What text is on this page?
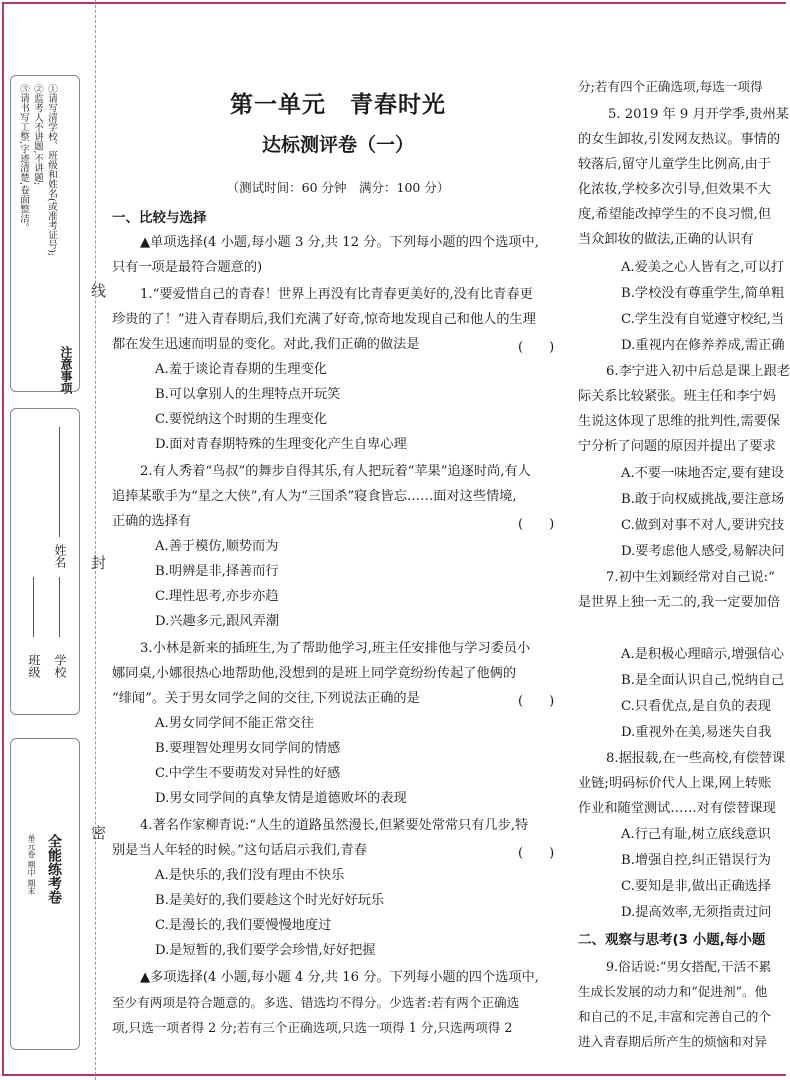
注意事项
①请写清学校、班级和姓名(或准考证号);
②监考人不讲题,不讲题;
③请书写工整,字迹清楚,卷面整洁。
姓名
学校
班级
单元卷 期中 期末 全能练考卷
线
封
密
第一单元　青春时光
达标测评卷（一）
（测试时间：60 分钟　满分：100 分）
一、比较与选择
▲单项选择(4 小题,每小题 3 分,共 12 分。下列每小题的四个选项中,
只有一项是最符合题意的)
1.“要爱惜自己的青春！世界上再没有比青春更美好的,没有比青春更
珍贵的了！”进入青春期后,我们充满了好奇,惊奇地发现自己和他人的生理
都在发生迅速而明显的变化。对此,我们正确的做法是	(　　)
A.羞于谈论青春期的生理变化
B.可以拿别人的生理特点开玩笑
C.要悦纳这个时期的生理变化
D.面对青春期特殊的生理变化产生自卑心理
2.有人秀着“鸟叔”的舞步自得其乐,有人把玩着“苹果”追逐时尚,有人
追捧某歌手为“星之大侠”,有人为“三国杀”寝食皆忘……面对这些情境,
正确的选择有	(　　)
A.善于模仿,顺势而为
B.明辨是非,择善而行
C.理性思考,亦步亦趋
D.兴趣多元,跟风弄潮
3.小林是新来的插班生,为了帮助他学习,班主任安排他与学习委员小
娜同桌,小娜很热心地帮助他,没想到的是班上同学竟纷纷传起了他俩的
“绯闻”。关于男女同学之间的交往,下列说法正确的是	(　　)
A.男女同学间不能正常交往
B.要理智处理男女同学间的情感
C.中学生不要萌发对异性的好感
D.男女同学间的真挚友情是道德败坏的表现
4.著名作家柳青说:“人生的道路虽然漫长,但紧要处常常只有几步,特
别是当人年轻的时候。”这句话启示我们,青春	(　　)
A.是快乐的,我们没有理由不快乐
B.是美好的,我们要趁这个时光好好玩乐
C.是漫长的,我们要慢慢地度过
D.是短暂的,我们要学会珍惜,好好把握
▲多项选择(4 小题,每小题 4 分,共 16 分。下列每小题的四个选项中,
至少有两项是符合题意的。多选、错选均不得分。少选者:若有两个正确选
项,只选一项者得 2 分;若有三个正确选项,只选一项得 1 分,只选两项得 2
分;若有四个正确选项,每选一项得
5. 2019 年 9 月开学季,贵州某
的女生卸妆,引发网友热议。事情的
较落后,留守儿童学生比例高,由于
化浓妆,学校多次引导,但效果不大
度,希望能改掉学生的不良习惯,但
当众卸妆的做法,正确的认识有
A.爱美之心人皆有之,可以打
B.学校没有尊重学生,简单粗
C.学生没有自觉遵守校纪,当
D.重视内在修养养成,需正确
6.李宁进入初中后总是课上跟老
际关系比较紧张。班主任和李宁妈
生说这体现了思维的批判性,需要保
宁分析了问题的原因并提出了要求
A.不要一味地否定,要有建设
B.敢于向权威挑战,要注意场
C.做到对事不对人,要讲究技
D.要考虑他人感受,易解决问
7.初中生刘颖经常对自己说:“
是世界上独一无二的,我一定要加倍
A.是积极心理暗示,增强信心
B.是全面认识自己,悦纳自己
C.只看优点,是自负的表现
D.重视外在美,易迷失自我
8.据报载,在一些高校,有偿替课
业链;明码标价代人上课,网上转账
作业和随堂测试……对有偿替课现
A.行己有耻,树立底线意识
B.增强自控,纠正错误行为
C.要知是非,做出正确选择
D.提高效率,无须指责过问
二、观察与思考(3 小题,每小题
9.俗话说:“男女搭配,干活不累
生成长发展的动力和“促进剂”。他
和自己的不足,丰富和完善自己的个
进入青春期后所产生的烦恼和对异
